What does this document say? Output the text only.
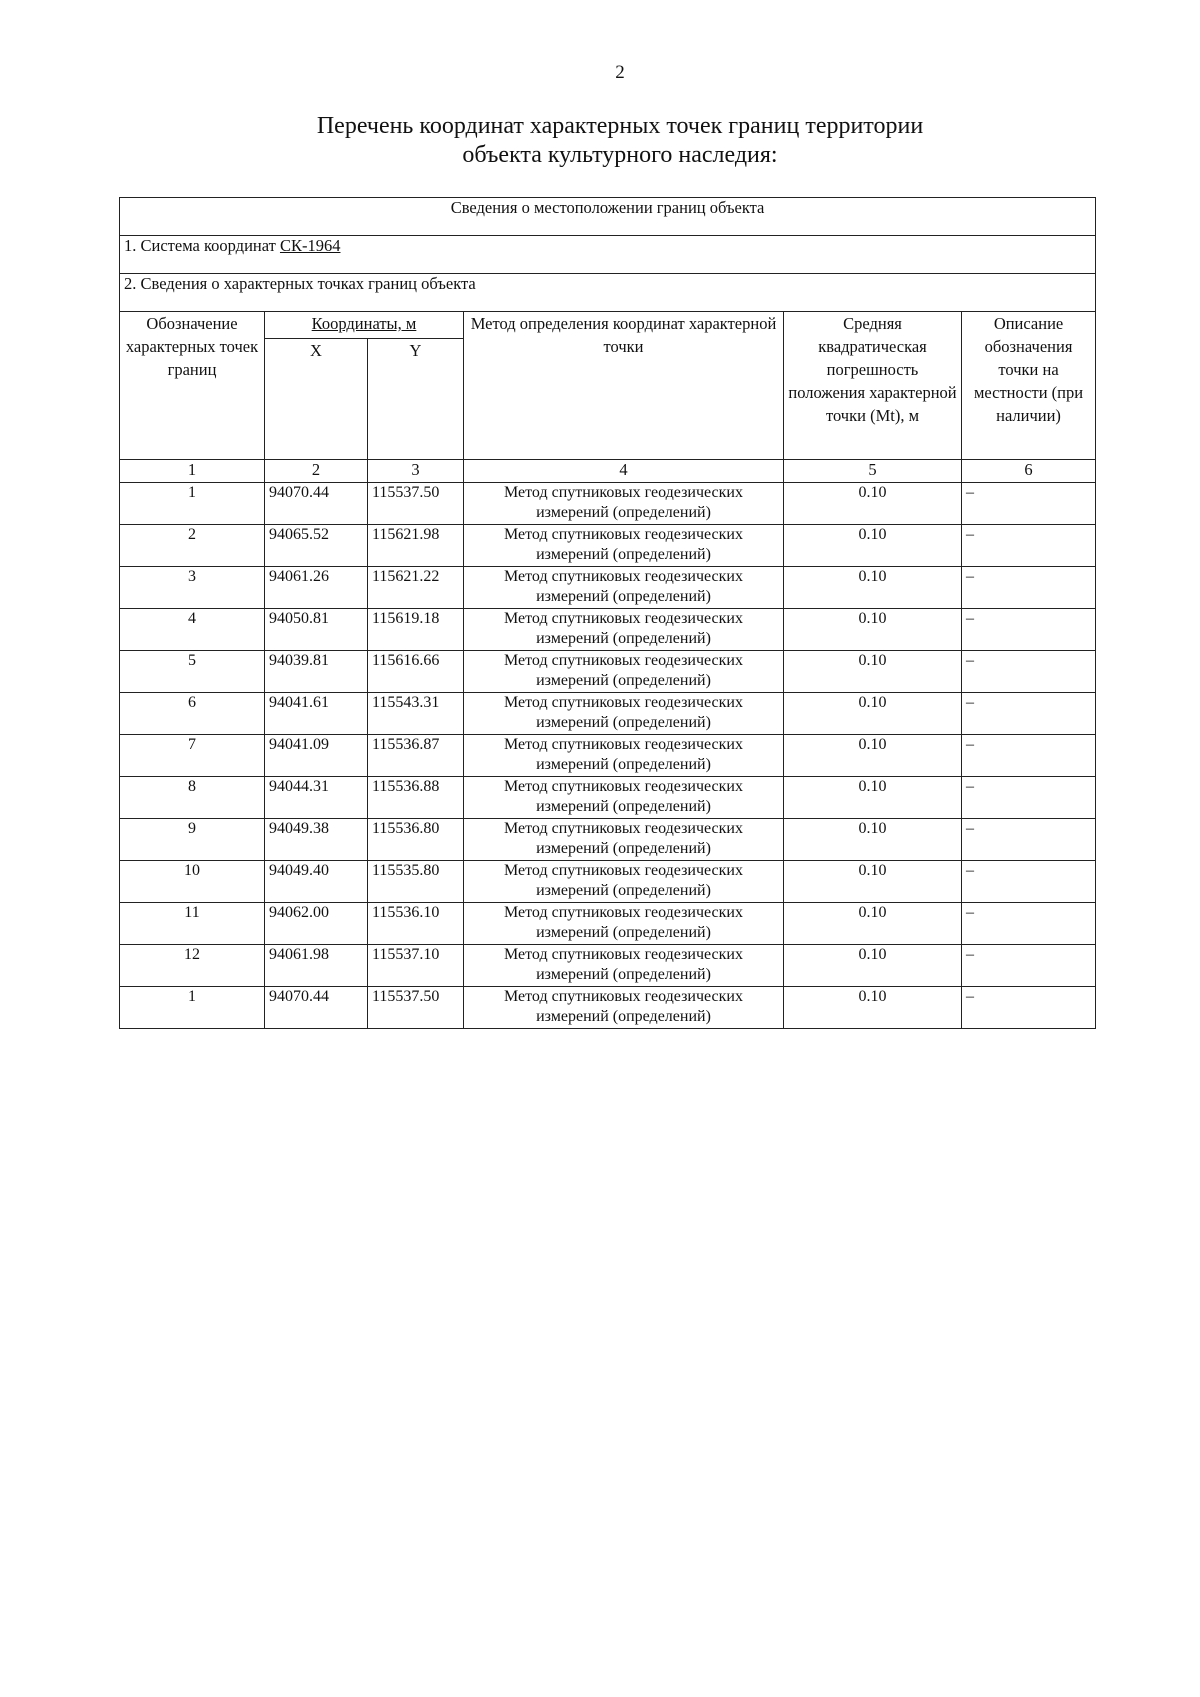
2
Перечень координат характерных точек границ территории
объекта культурного наследия:
Сведения о местоположении границ объекта					
1. Система координат СК-1964					
2. Сведения о характерных точках границ объекта					
Обозначение характерных точек границ	Координаты, м		Метод определения координат характерной точки	Средняя квадратическая погрешность положения характерной точки (Mt), м	Описание обозначения точки на местности (при наличии)
	X	Y			
1	2	3	4	5	6
1	94070.44	115537.50	Метод спутниковых геодезических измерений (определений)	0.10	–
2	94065.52	115621.98	Метод спутниковых геодезических измерений (определений)	0.10	–
3	94061.26	115621.22	Метод спутниковых геодезических измерений (определений)	0.10	–
4	94050.81	115619.18	Метод спутниковых геодезических измерений (определений)	0.10	–
5	94039.81	115616.66	Метод спутниковых геодезических измерений (определений)	0.10	–
6	94041.61	115543.31	Метод спутниковых геодезических измерений (определений)	0.10	–
7	94041.09	115536.87	Метод спутниковых геодезических измерений (определений)	0.10	–
8	94044.31	115536.88	Метод спутниковых геодезических измерений (определений)	0.10	–
9	94049.38	115536.80	Метод спутниковых геодезических измерений (определений)	0.10	–
10	94049.40	115535.80	Метод спутниковых геодезических измерений (определений)	0.10	–
11	94062.00	115536.10	Метод спутниковых геодезических измерений (определений)	0.10	–
12	94061.98	115537.10	Метод спутниковых геодезических измерений (определений)	0.10	–
1	94070.44	115537.50	Метод спутниковых геодезических измерений (определений)	0.10	–
